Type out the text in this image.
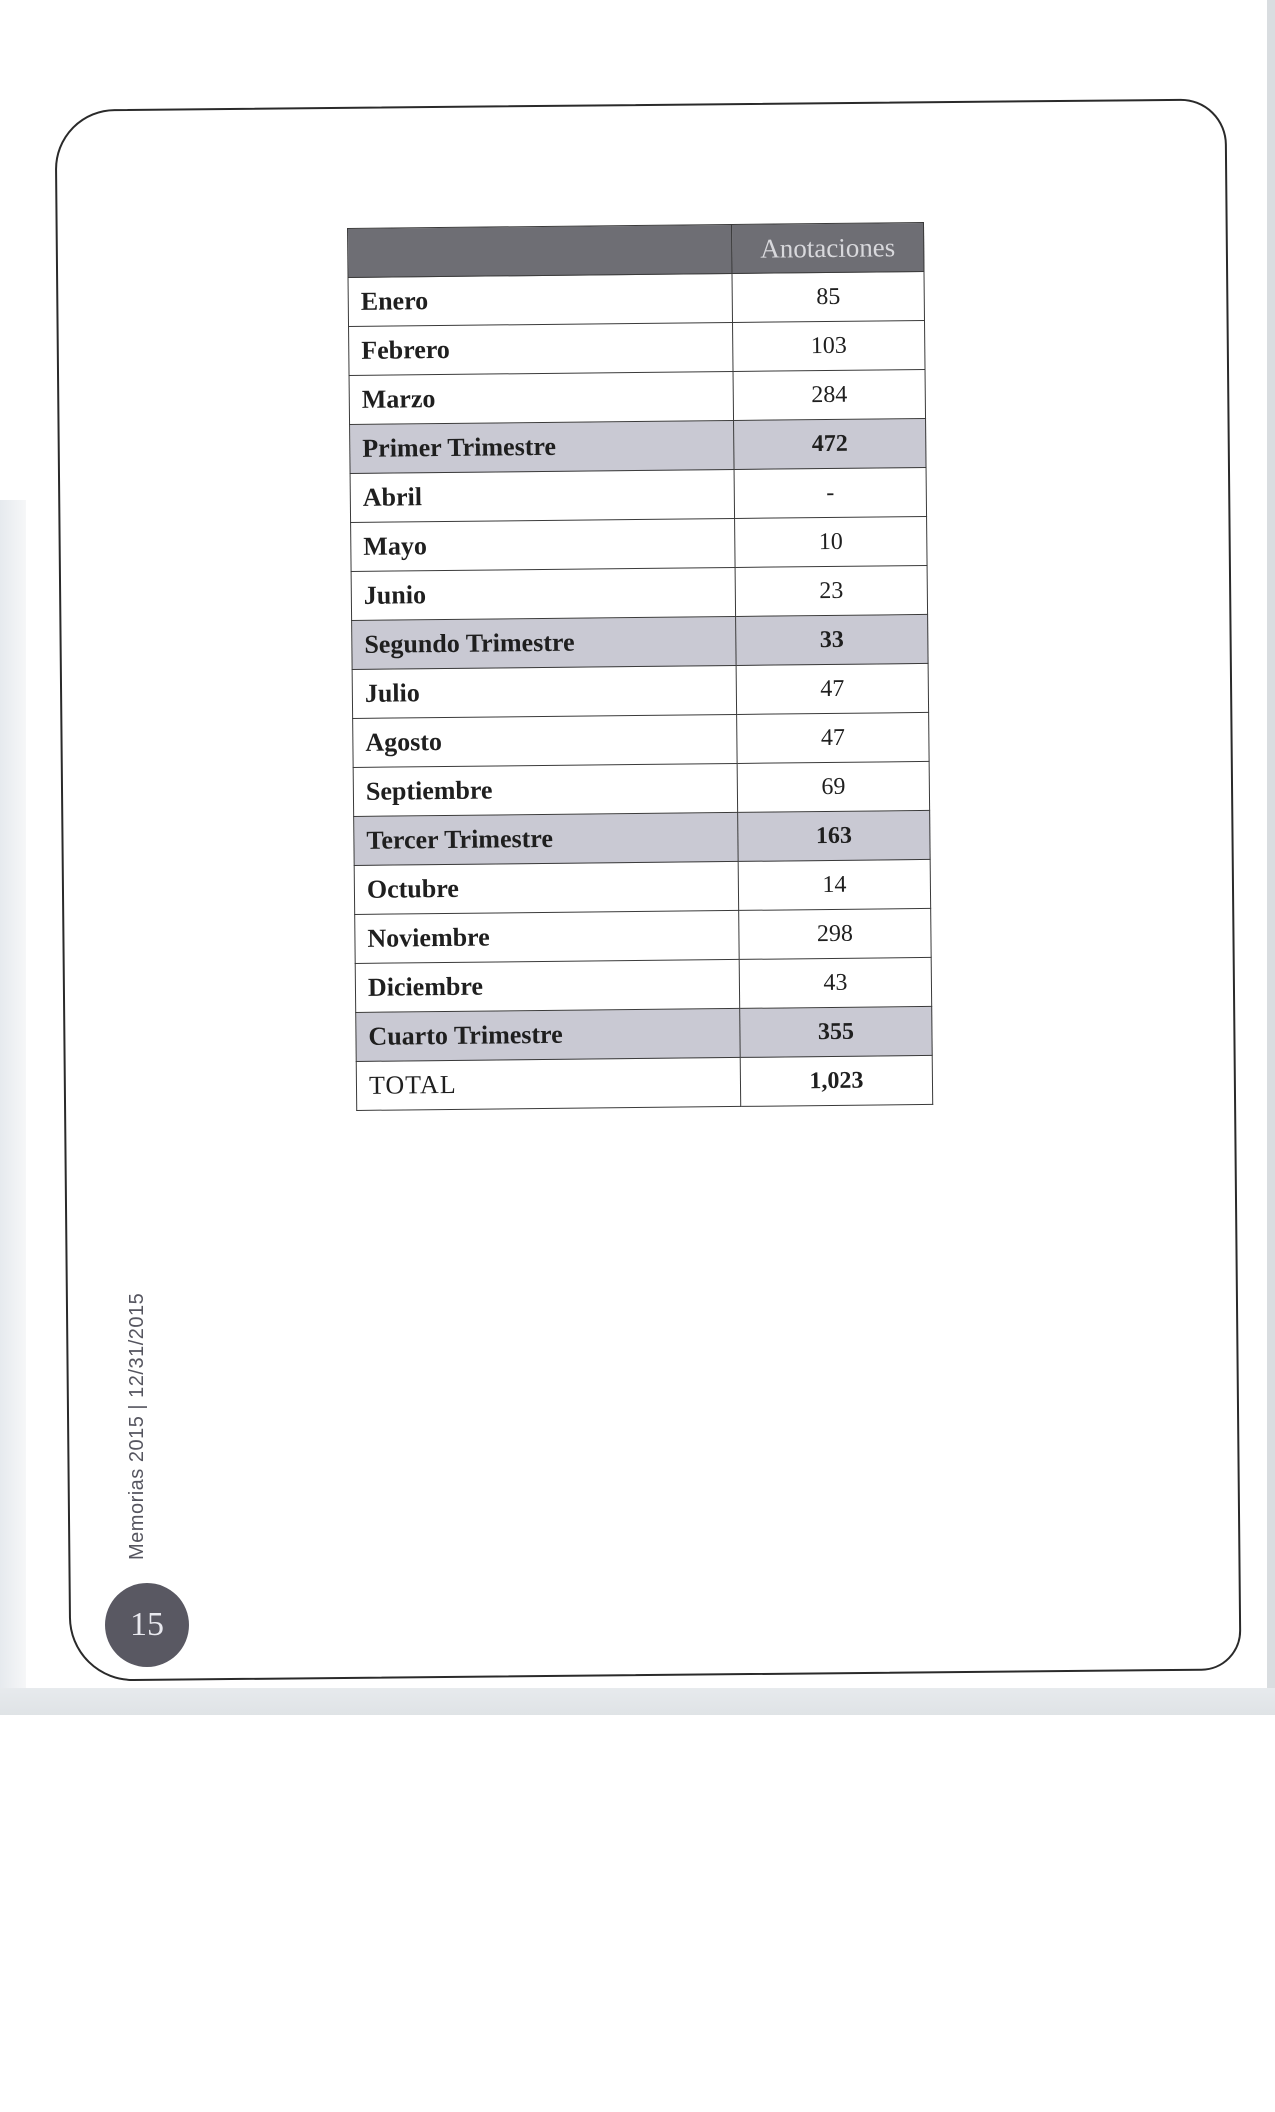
	Anotaciones
Enero	85
Febrero	103
Marzo	284
Primer Trimestre	472
Abril	-
Mayo	10
Junio	23
Segundo Trimestre	33
Julio	47
Agosto	47
Septiembre	69
Tercer Trimestre	163
Octubre	14
Noviembre	298
Diciembre	43
Cuarto Trimestre	355
TOTAL	1,023
Memorias 2015 | 12/31/2015
15
